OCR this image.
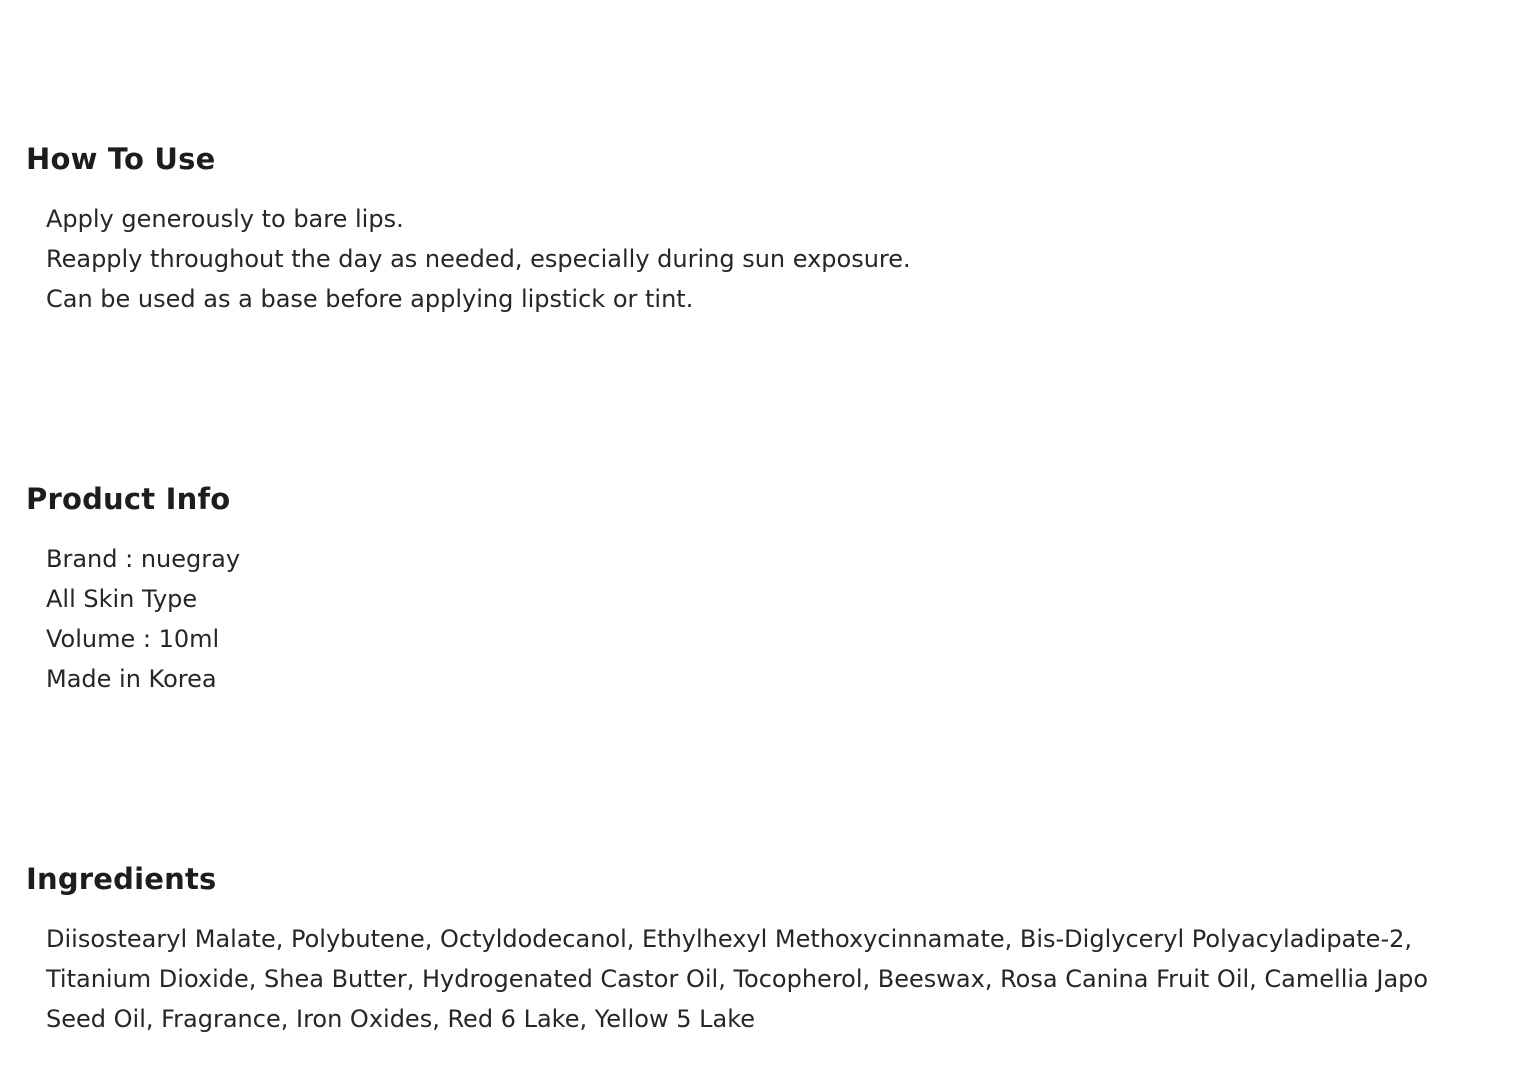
How To Use
Apply generously to bare lips.
Reapply throughout the day as needed, especially during sun exposure.
Can be used as a base before applying lipstick or tint.
Product Info
Brand : nuegray
All Skin Type
Volume : 10ml
Made in Korea
Ingredients
Diisostearyl Malate, Polybutene, Octyldodecanol, Ethylhexyl Methoxycinnamate, Bis-Diglyceryl Polyacyladipate-2,
Titanium Dioxide, Shea Butter, Hydrogenated Castor Oil, Tocopherol, Beeswax, Rosa Canina Fruit Oil, Camellia Japo
Seed Oil, Fragrance, Iron Oxides, Red 6 Lake, Yellow 5 Lake
